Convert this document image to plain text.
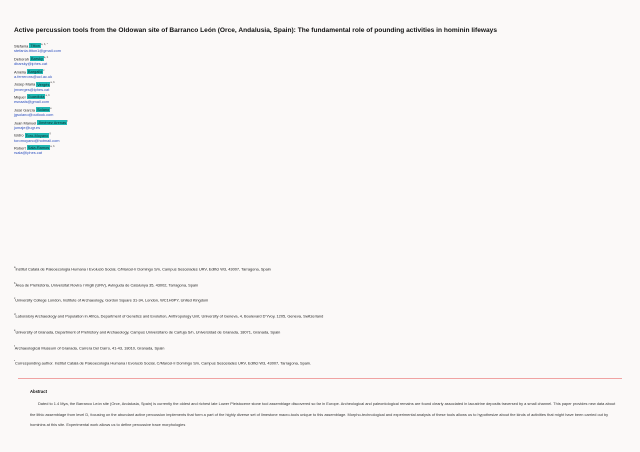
Active percussion tools from the Oldowan site of Barranco León (Orce, Andalusia, Spain): The fundamental role of pounding activities in hominin lifeways
Stefania Titton$^{a, b, *}$
stefania.titton1@gmail.com
Deborah Barsky$^{a, b}$
dbarsky@iphes.cat
Amèlia Bargalló$^c$
a.ferrerons@ucl.ac.uk
Josep Maria Vergès$^{a, b}$
jmverges@iphes.cat
Miquel Guardiola$^{a, b}$
esnaals@gmail.com
José García Solano$^e$
jgsolano@outlook.com
Juan Manuel Jiménez Arenas$^f$
jumaje@ugr.es
Isidro Toro-Moyano$^g$
toromoyano@hotmail.com
Robert Sala-Ramos$^{a, b}$
rsala@iphes.cat
$^a$Institut Català de Paleoecologia Humana i Evolució Social, C/Marcel·lí Domingo S/n, Campus Sescelades URV, Edifici W3, 43007, Tarragona, Spain
$^b$Àrea de Prehistòria, Universitat Rovira i Virgili (URV), Avinguda de Catalunya 35, 43002, Tarragona, Spain
$^c$University College London, Institute of Archaeology, Gordon Square 31-34, London, WC1H0PY, United Kingdom
$^d$Laboratory Archaeology and Population in Africa, Department of Genetics and Evolution, Anthropology Unit, University of Geneva, 4, Boulevard D'Yvoy, 1205, Geneva, Switzerland
$^e$University of Granada, Department of Prehistory and Archaeology, Campus Universitario de Cartuja S/n, Universidad de Granada, 18071, Granada, Spain
$^f$Archaeological Museum of Granada, Carrera Del Darro, 41-43, 18010, Granada, Spain
*Corresponding author. Institut Català de Paleoecologia Humana i Evolució Social, C/Marcel·lí Domingo S/n, Campus Sescelades URV, Edifici W3, 43007, Tarragona, Spain.
Abstract
Dated to 1.4 Mya, the Barranco León site (Orce, Andalusia, Spain) is currently the oldest and richest late Lower Pleistocene stone tool assemblage discovered so far in Europe. Archeological and paleontological remains are found clearly associated in lacustrine deposits traversed by a small channel. This paper provides new data about the lithic assemblage from level D, focusing on the abundant active percussion implements that form a part of the highly diverse set of limestone macro-tools unique to this assemblage. Morpho-technological and experimental analysis of these tools allows us to hypothesize about the kinds of activities that might have been carried out by hominins at this site. Experimental work allows us to define percussive trace morphologies
